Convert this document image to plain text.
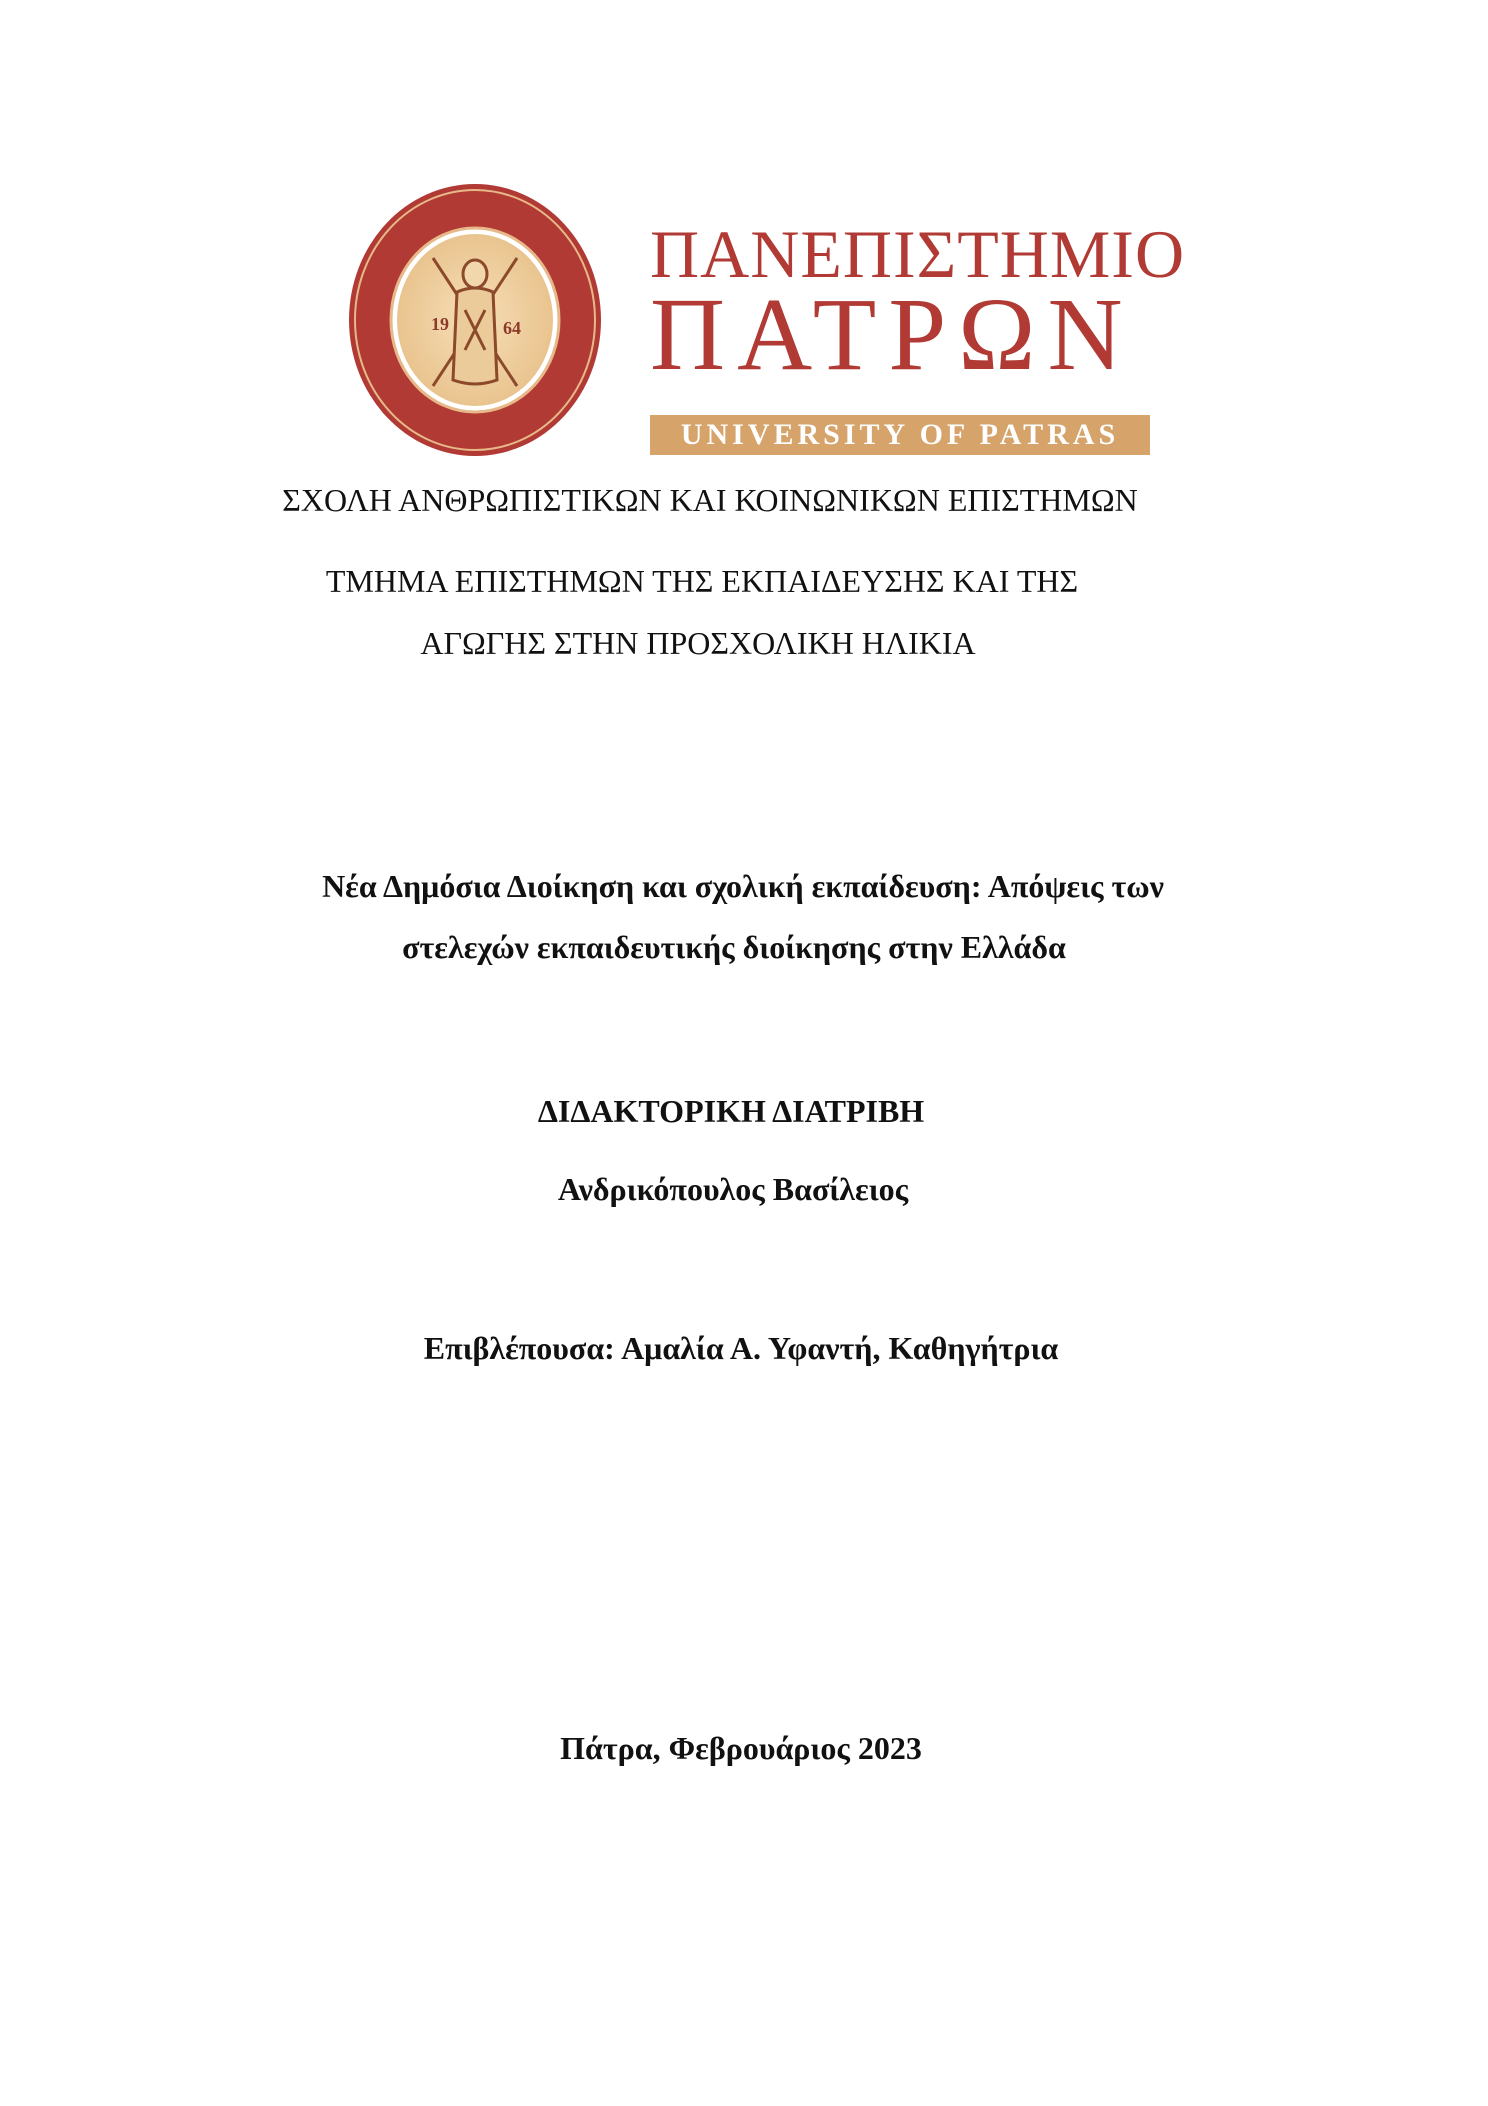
19	64
ΠΑΝΕΠΙΣΤΗΜΙΟ
ΠΑΤΡΩΝ
UNIVERSITY OF PATRAS
ΣΧΟΛΗ ΑΝΘΡΩΠΙΣΤΙΚΩΝ ΚΑΙ ΚΟΙΝΩΝΙΚΩΝ ΕΠΙΣΤΗΜΩΝ
ΤΜΗΜΑ ΕΠΙΣΤΗΜΩΝ ΤΗΣ ΕΚΠΑΙΔΕΥΣΗΣ ΚΑΙ ΤΗΣ
ΑΓΩΓΗΣ ΣΤΗΝ ΠΡΟΣΧΟΛΙΚΗ ΗΛΙΚΙΑ
Νέα Δημόσια Διοίκηση και σχολική εκπαίδευση: Απόψεις των
στελεχών εκπαιδευτικής διοίκησης στην Ελλάδα
ΔΙΔΑΚΤΟΡΙΚΗ ΔΙΑΤΡΙΒΗ
Ανδρικόπουλος Βασίλειος
Επιβλέπουσα: Αμαλία Α. Υφαντή, Καθηγήτρια
Πάτρα, Φεβρουάριος 2023
